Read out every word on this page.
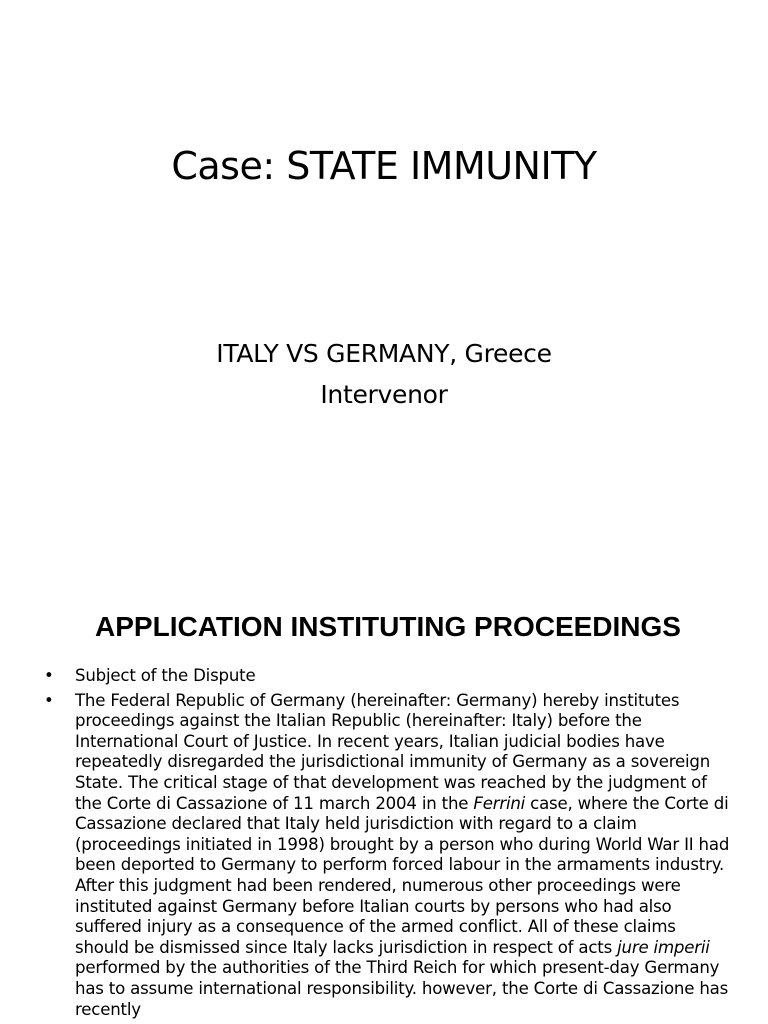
Case: STATE IMMUNITY
ITALY VS GERMANY, Greece
Intervenor
APPLICATION INSTITUTING PROCEEDINGS
• Subject of the Dispute
• The Federal Republic of Germany (hereinafter: Germany) hereby institutes proceedings against the Italian Republic (hereinafter: Italy) before the International Court of Justice. In recent years, Italian judicial bodies have repeatedly disregarded the jurisdictional immunity of Germany as a sovereign State. The critical stage of that development was reached by the judgment of the Corte di Cassazione of 11 march 2004 in the Ferrini case, where the Corte di Cassazione declared that Italy held jurisdiction with regard to a claim (proceedings initiated in 1998) brought by a person who during World War II had been deported to Germany to perform forced labour in the armaments industry. After this judgment had been rendered, numerous other proceedings were instituted against Germany before Italian courts by persons who had also suffered injury as a consequence of the armed conflict. All of these claims should be dismissed since Italy lacks jurisdiction in respect of acts jure imperii performed by the authorities of the Third Reich for which present-day Germany has to assume international responsibility. however, the Corte di Cassazione has recently
